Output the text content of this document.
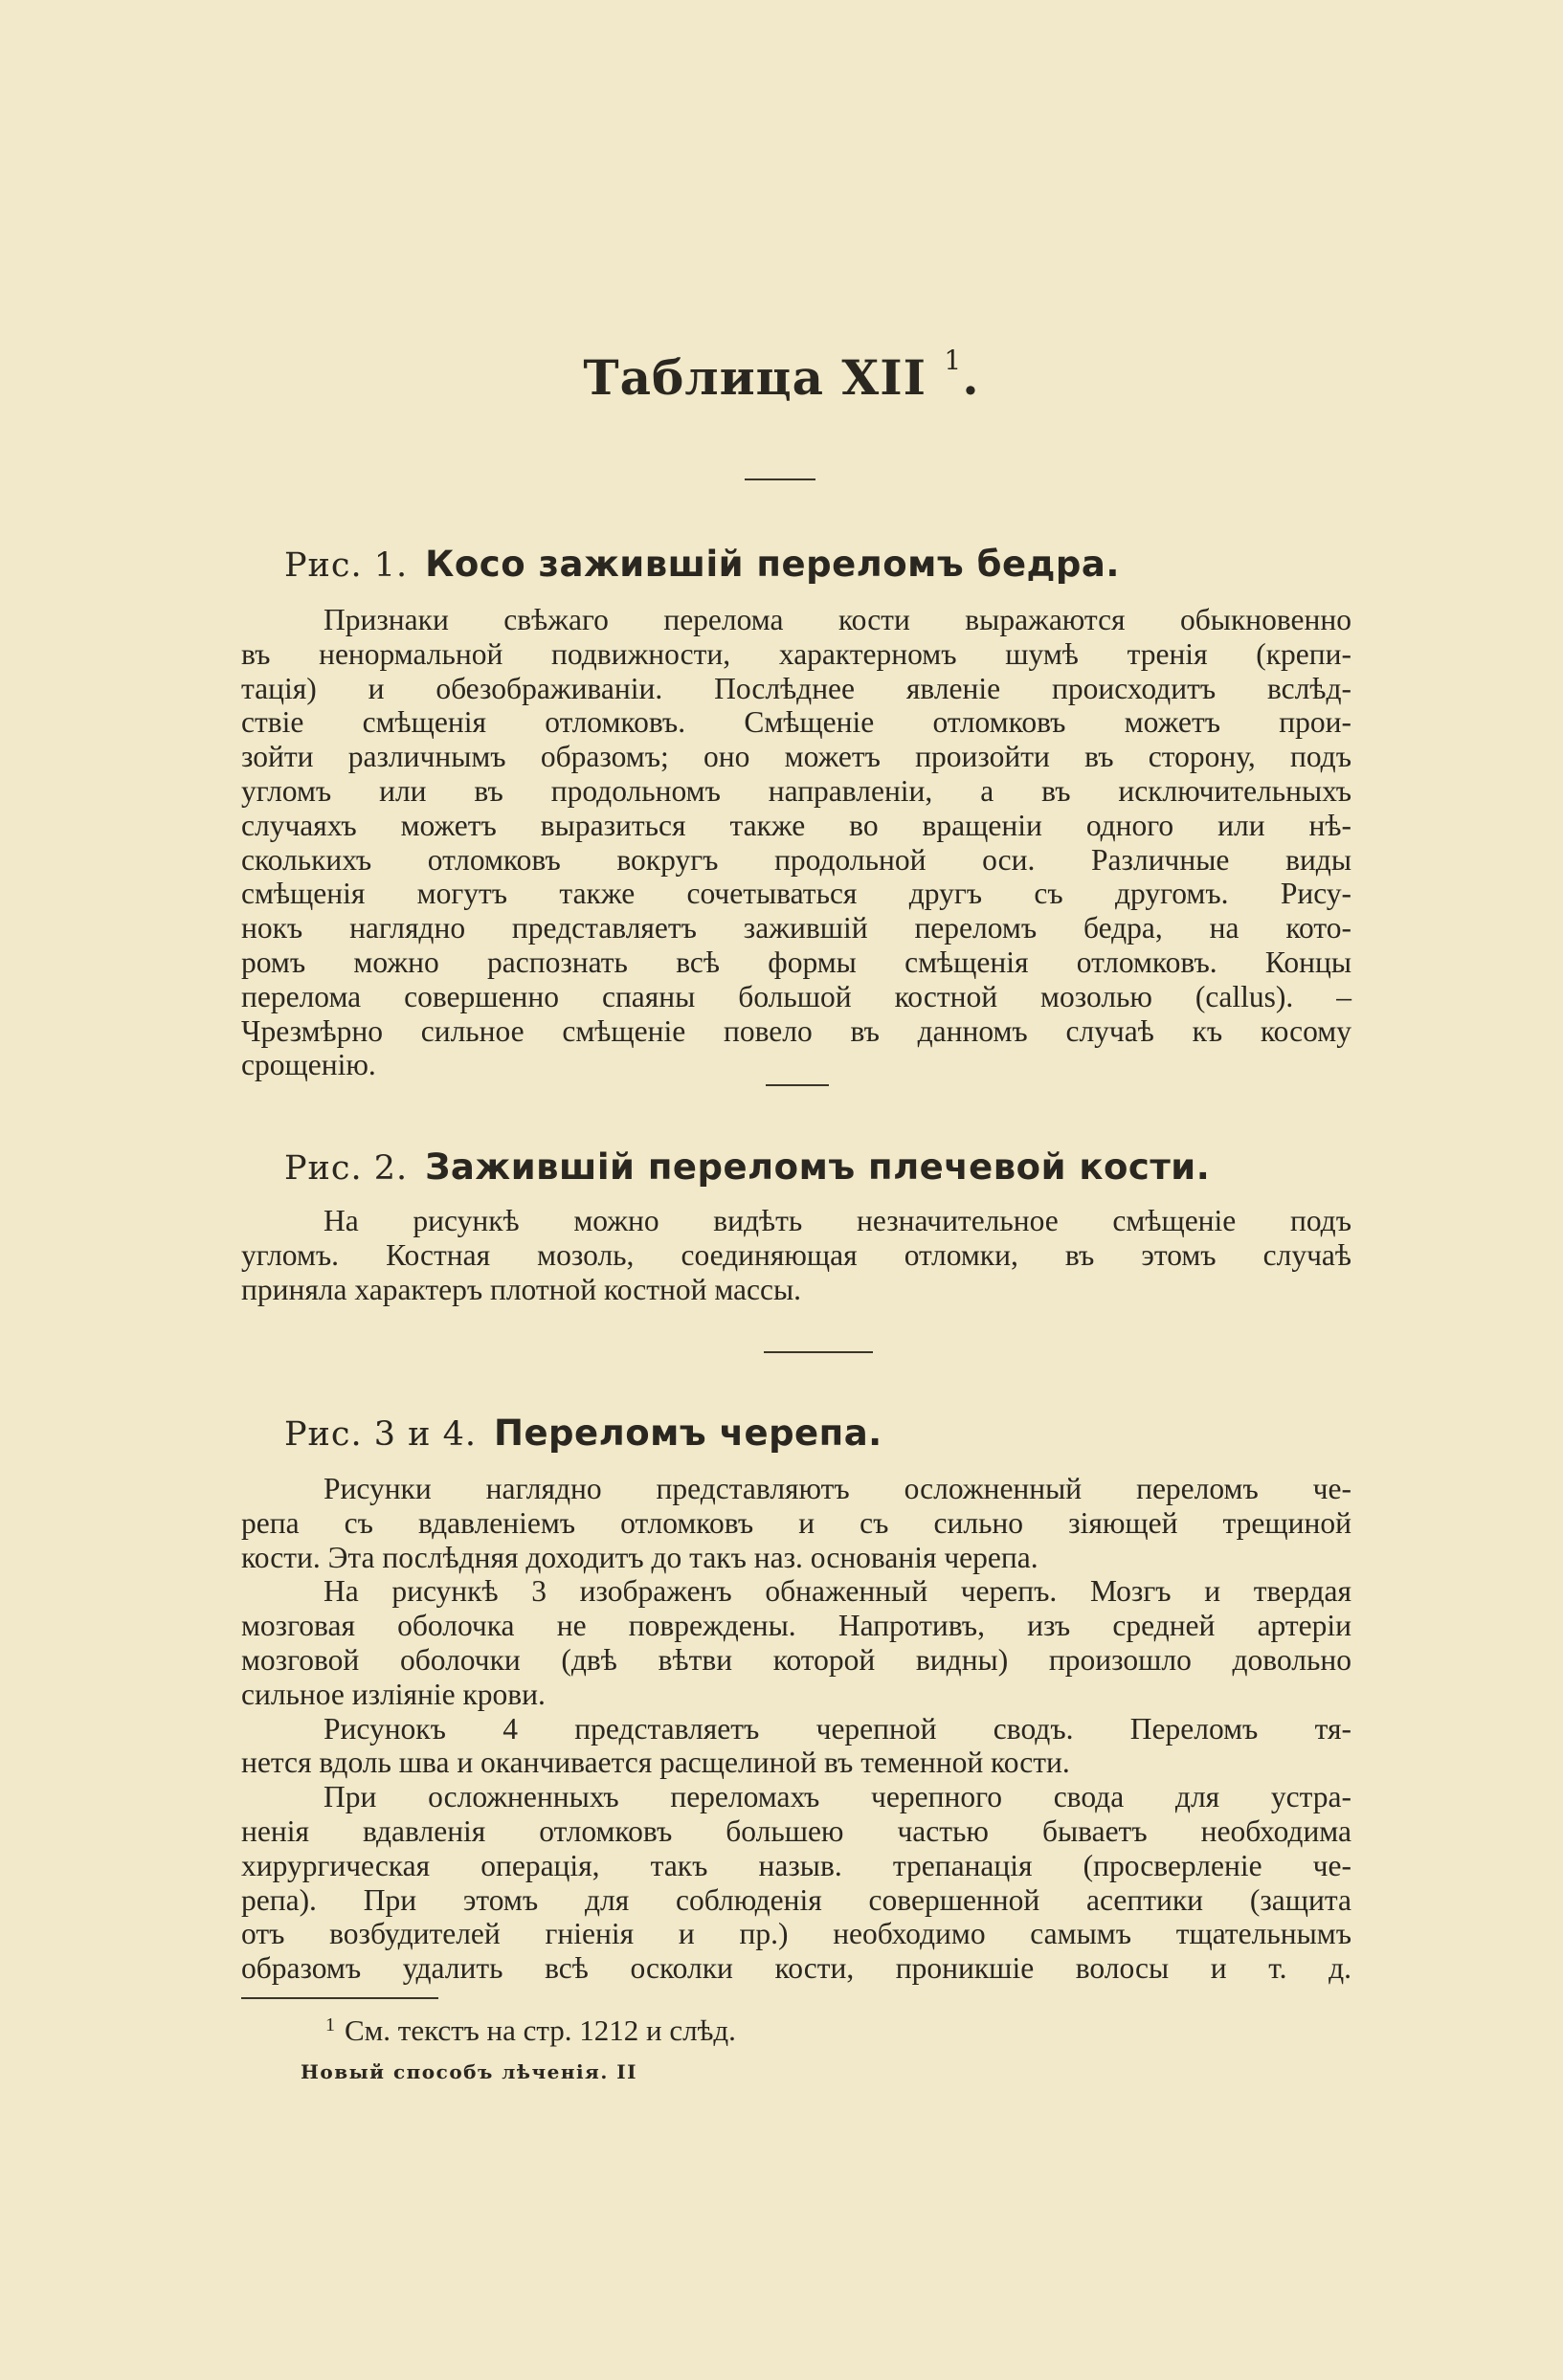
Таблица XII $^1$.
Рис. 1. Косо зажившій переломъ бедра.
Признаки свѣжаго перелома кости выражаются обыкновенно
въ ненормальной подвижности, характерномъ шумѣ тренія (крепи-
тація) и обезображиваніи. Послѣднее явленіе происходитъ вслѣд-
ствіе смѣщенія отломковъ. Смѣщеніе отломковъ можетъ прои-
зойти различнымъ образомъ; оно можетъ произойти въ сторону, подъ
угломъ или въ продольномъ направленіи, а въ исключительныхъ
случаяхъ можетъ выразиться также во вращеніи одного или нѣ-
сколькихъ отломковъ вокругъ продольной оси. Различные виды
смѣщенія могутъ также сочетываться другъ съ другомъ. Рису-
нокъ наглядно представляетъ зажившій переломъ бедра, на кото-
ромъ можно распознать всѣ формы смѣщенія отломковъ. Концы
перелома совершенно спаяны большой костной мозолью (callus). –
Чрезмѣрно сильное смѣщеніе повело въ данномъ случаѣ къ косому
срощенію.
Рис. 2. Зажившій переломъ плечевой кости.
На рисункѣ можно видѣть незначительное смѣщеніе подъ
угломъ. Костная мозоль, соединяющая отломки, въ этомъ случаѣ
приняла характеръ плотной костной массы.
Рис. 3 и 4. Переломъ черепа.
Рисунки наглядно представляютъ осложненный переломъ че-
репа съ вдавленіемъ отломковъ и съ сильно зіяющей трещиной
кости. Эта послѣдняя доходитъ до такъ наз. основанія черепа.
На рисункѣ 3 изображенъ обнаженный черепъ. Мозгъ и твердая
мозговая оболочка не повреждены. Напротивъ, изъ средней артеріи
мозговой оболочки (двѣ вѣтви которой видны) произошло довольно
сильное изліяніе крови.
Рисунокъ 4 представляетъ черепной сводъ. Переломъ тя-
нется вдоль шва и оканчивается расщелиной въ теменной кости.
При осложненныхъ переломахъ черепного свода для устра-
ненія вдавленія отломковъ большею частью бываетъ необходима
хирургическая операція, такъ назыв. трепанація (просверленіе че-
репа). При этомъ для соблюденія совершенной асептики (защита
отъ возбудителей гніенія и пр.) необходимо самымъ тщательнымъ
образомъ удалить всѣ осколки кости, проникшіе волосы и т. д.
$^1$ См. текстъ на стр. 1212 и слѣд.
Новый способъ лѣченія. II
